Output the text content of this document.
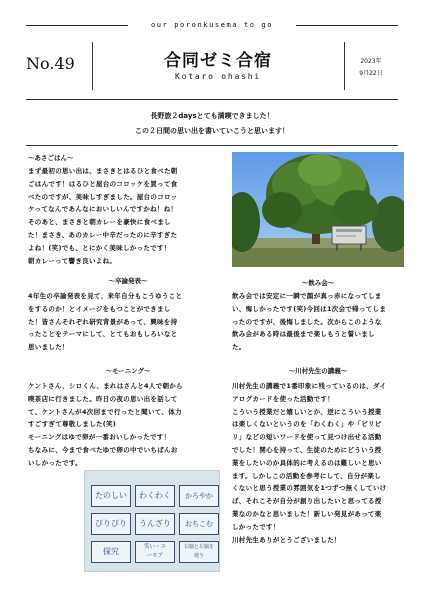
our poronkusema to go
No.49	合同ゼミ合宿
Kotaro ohashi
2023年
9月22日
長野旅２daysとても満喫できました！
この２日間の思い出を書いていこうと思います！
～あさごはん～
まず最初の思い出は、まさきとはるひと食べた朝
ごはんです！はるひと屋台のコロッケを買って食
べたのですが、美味しすぎました。屋台のコロッ
ケってなんであんなにおいしいんですかね！ね！
そのあと、まさきと朝カレーを豪快に食べまし
た！まさき、あのカレー中辛だったのに辛すぎた
よね！(笑)でも、とにかく美味しかったです！
朝カレーって響き良いよね。
～飲み会～
飲み会では安定に一瞬で顔が真っ赤になってしま
い、悔しかったです(笑)今回は1次会で帰ってしま
ったのですが、後悔しました。次からこのような
飲み会がある時は最後まで楽しもうと誓いまし
た。
～卒論発表～
4年生の卒論発表を見て、来年自分もこうゆうこと
をするのか！とイメージをもつことができまし
た！皆さんそれぞれ研究背景があって、興味を持
ったことをテーマにして、とてもおもしろいなと
思いました！
～モーニング～
ケントさん、シロくん、まれはさんと4人で朝から
喫茶店に行きました。昨日の夜の思い出を話して
て、ケントさんが4次回まで行ったと聞いて、体力
すごすぎて尊敬しました(笑)
モーニングはゆで卵が一番おいしかったです！
ちなみに、今まで食べたゆで卵の中でいちばんお
いしかったです。
～川村先生の講義～
川村先生の講義で1番印象に残っているのは、ダイ
アログカードを使った活動です！
こういう授業だと嬉しいとか、逆にこういう授業
は楽しくないというのを「わくわく」や「ピリピ
リ」などの短いワードを使って見つけ出せる活動
でした！関心を持って、生徒のためにどういう授
業をしたいのか具体的に考えるのは難しいと思い
ます。しかしこの活動を参考にして、自分が楽し
くないと思う授業の雰囲気を1つずつ無くしていけ
ば、それこそが自分が創り出したいと思ってる授
業なのかなと思いました！新しい発見があって楽
しかったです！
川村先生ありがとうございました！
たのしい	わくわく	かろやか
ぴりぴり	うんざり	おちこむ
探究	笑い・ユーモア
右脳と左脳を使う
